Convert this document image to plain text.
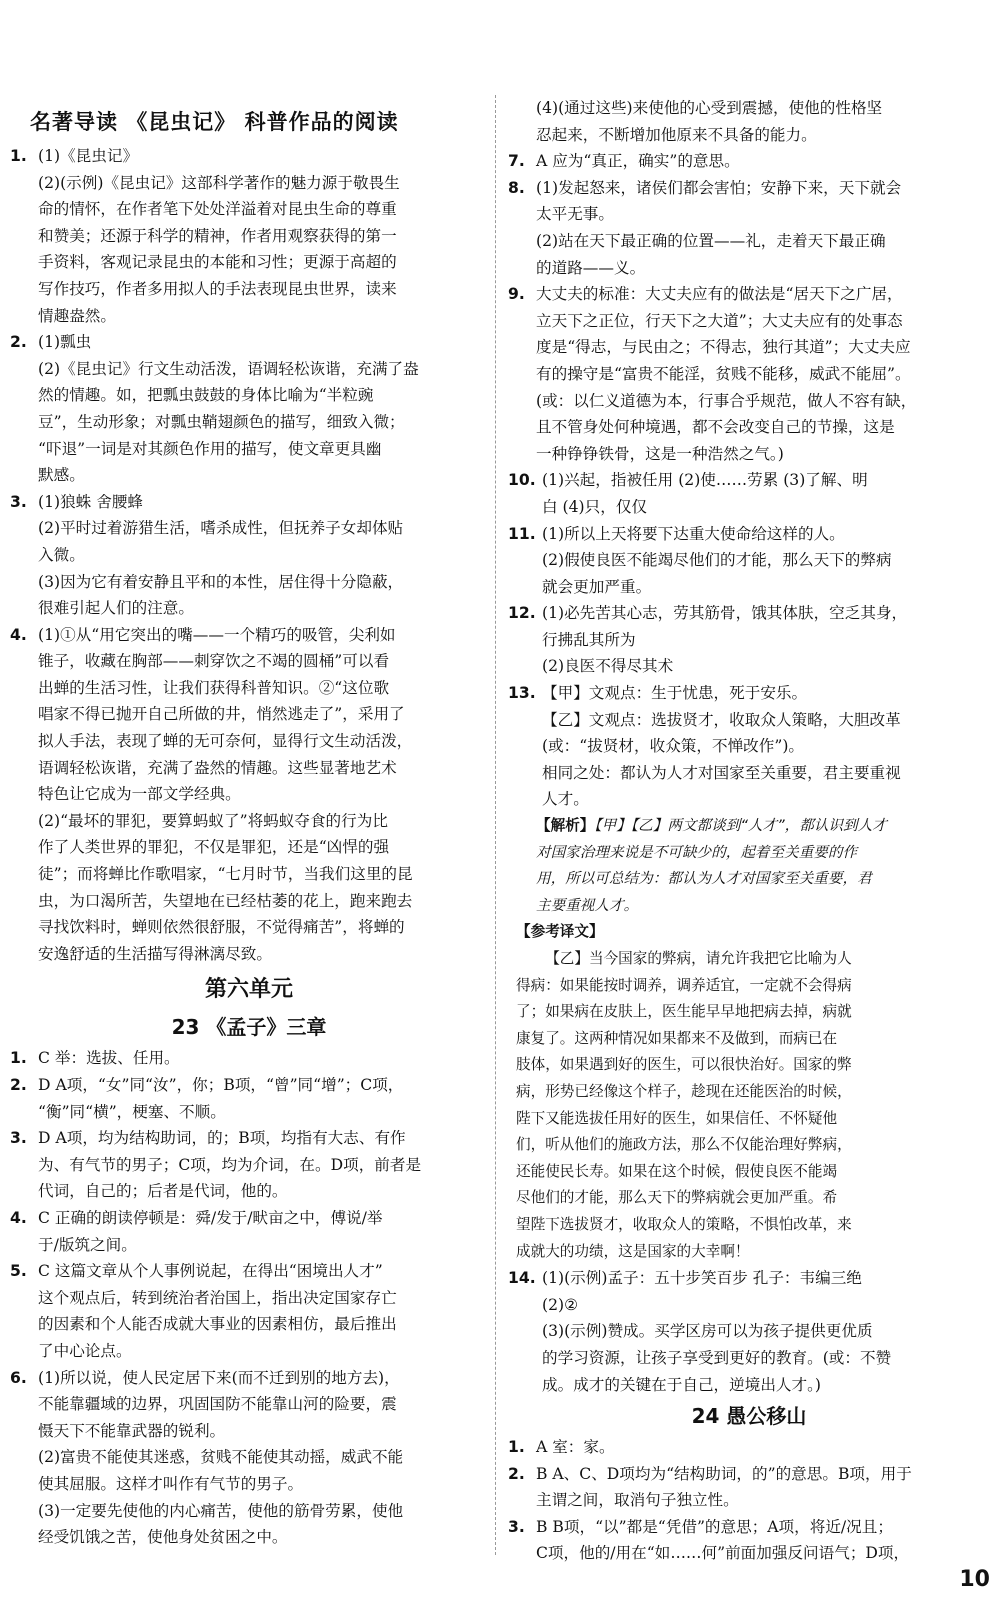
名著导读 《昆虫记》 科普作品的阅读
1. (1)《昆虫记》
(2)(示例)《昆虫记》这部科学著作的魅力源于敬畏生
命的情怀，在作者笔下处处洋溢着对昆虫生命的尊重
和赞美；还源于科学的精神，作者用观察获得的第一
手资料，客观记录昆虫的本能和习性；更源于高超的
写作技巧，作者多用拟人的手法表现昆虫世界，读来
情趣盎然。
2. (1)瓢虫
(2)《昆虫记》行文生动活泼，语调轻松诙谐，充满了盎
然的情趣。如，把瓢虫鼓鼓的身体比喻为“半粒豌
豆”，生动形象；对瓢虫鞘翅颜色的描写，细致入微；
“吓退”一词是对其颜色作用的描写，使文章更具幽
默感。
3. (1)狼蛛 舍腰蜂
(2)平时过着游猎生活，嗜杀成性，但抚养子女却体贴
入微。
(3)因为它有着安静且平和的本性，居住得十分隐蔽，
很难引起人们的注意。
4. (1)①从“用它突出的嘴——一个精巧的吸管，尖利如
锥子，收藏在胸部——刺穿饮之不竭的圆桶”可以看
出蝉的生活习性，让我们获得科普知识。②“这位歌
唱家不得已抛开自己所做的井，悄然逃走了”，采用了
拟人手法，表现了蝉的无可奈何，显得行文生动活泼，
语调轻松诙谐，充满了盎然的情趣。这些显著地艺术
特色让它成为一部文学经典。
(2)“最坏的罪犯，要算蚂蚁了”将蚂蚁夺食的行为比
作了人类世界的罪犯，不仅是罪犯，还是“凶悍的强
徒”；而将蝉比作歌唱家，“七月时节，当我们这里的昆
虫，为口渴所苦，失望地在已经枯萎的花上，跑来跑去
寻找饮料时，蝉则依然很舒服，不觉得痛苦”，将蝉的
安逸舒适的生活描写得淋漓尽致。
第六单元
23 《孟子》三章
1. C 举：选拔、任用。
2. D A项，“女”同“汝”，你；B项，“曾”同“增”；C项，
“衡”同“横”，梗塞、不顺。
3. D A项，均为结构助词，的；B项，均指有大志、有作
为、有气节的男子；C项，均为介词，在。D项，前者是
代词，自己的；后者是代词，他的。
4. C 正确的朗读停顿是：舜/发于/畎亩之中，傅说/举
于/版筑之间。
5. C 这篇文章从个人事例说起，在得出“困境出人才”
这个观点后，转到统治者治国上，指出决定国家存亡
的因素和个人能否成就大事业的因素相仿，最后推出
了中心论点。
6. (1)所以说，使人民定居下来(而不迁到别的地方去)，
不能靠疆域的边界，巩固国防不能靠山河的险要，震
慑天下不能靠武器的锐利。
(2)富贵不能使其迷惑，贫贱不能使其动摇，威武不能
使其屈服。这样才叫作有气节的男子。
(3)一定要先使他的内心痛苦，使他的筋骨劳累，使他
经受饥饿之苦，使他身处贫困之中。
(4)(通过这些)来使他的心受到震撼，使他的性格坚
忍起来，不断增加他原来不具备的能力。
7. A 应为“真正，确实”的意思。
8. (1)发起怒来，诸侯们都会害怕；安静下来，天下就会
太平无事。
(2)站在天下最正确的位置——礼，走着天下最正确
的道路——义。
9. 大丈夫的标准：大丈夫应有的做法是“居天下之广居，
立天下之正位，行天下之大道”；大丈夫应有的处事态
度是“得志，与民由之；不得志，独行其道”；大丈夫应
有的操守是“富贵不能淫，贫贱不能移，威武不能屈”。
(或：以仁义道德为本，行事合乎规范，做人不容有缺，
且不管身处何种境遇，都不会改变自己的节操，这是
一种铮铮铁骨，这是一种浩然之气。)
10. (1)兴起，指被任用 (2)使……劳累 (3)了解、明
白 (4)只，仅仅
11. (1)所以上天将要下达重大使命给这样的人。
(2)假使良医不能竭尽他们的才能，那么天下的弊病
就会更加严重。
12. (1)必先苦其心志，劳其筋骨，饿其体肤，空乏其身，
行拂乱其所为
(2)良医不得尽其术
13. 【甲】文观点：生于忧患，死于安乐。
【乙】文观点：选拔贤才，收取众人策略，大胆改革
(或：“拔贤材，收众策，不惮改作”)。
相同之处：都认为人才对国家至关重要，君主要重视
人才。
【解析】【甲】【乙】两文都谈到“人才”，都认识到人才
对国家治理来说是不可缺少的，起着至关重要的作
用，所以可总结为：都认为人才对国家至关重要，君
主要重视人才。
【参考译文】
【乙】当今国家的弊病，请允许我把它比喻为人
得病：如果能按时调养，调养适宜，一定就不会得病
了；如果病在皮肤上，医生能早早地把病去掉，病就
康复了。这两种情况如果都来不及做到，而病已在
肢体，如果遇到好的医生，可以很快治好。国家的弊
病，形势已经像这个样子，趁现在还能医治的时候，
陛下又能选拔任用好的医生，如果信任、不怀疑他
们，听从他们的施政方法，那么不仅能治理好弊病，
还能使民长寿。如果在这个时候，假使良医不能竭
尽他们的才能，那么天下的弊病就会更加严重。希
望陛下选拔贤才，收取众人的策略，不惧怕改革，来
成就大的功绩，这是国家的大幸啊！
14. (1)(示例)孟子：五十步笑百步 孔子：韦编三绝
(2)②
(3)(示例)赞成。买学区房可以为孩子提供更优质
的学习资源，让孩子享受到更好的教育。(或：不赞
成。成才的关键在于自己，逆境出人才。)
24 愚公移山
1. A 室：家。
2. B A、C、D项均为“结构助词，的”的意思。B项，用于
主谓之间，取消句子独立性。
3. B B项，“以”都是“凭借”的意思；A项，将近/况且；
C项，他的/用在“如……何”前面加强反问语气；D项，
10
